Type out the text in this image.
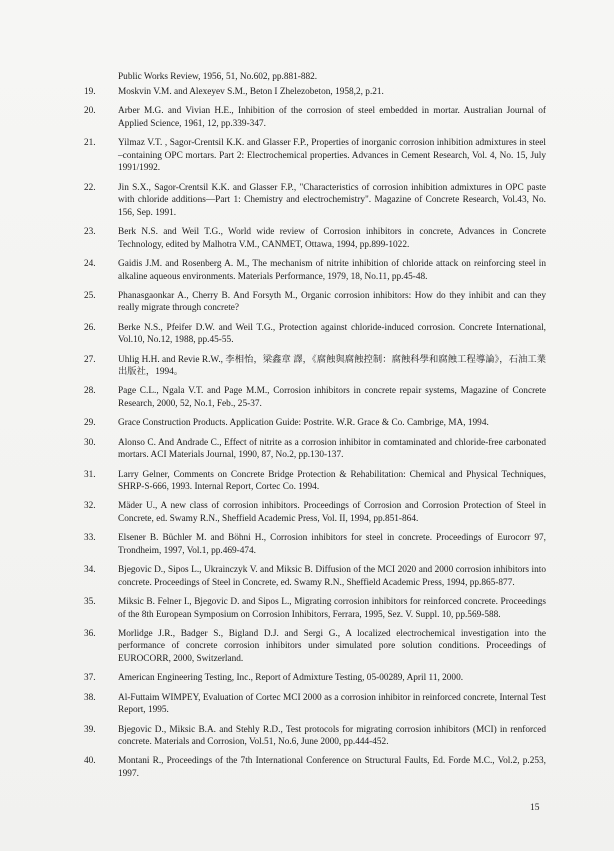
Public Works Review, 1956, 51, No.602, pp.881-882.
19.	Moskvin V.M. and Alexeyev S.M., Beton I Zhelezobeton, 1958,2, p.21.
20.	Arber M.G. and Vivian H.E., Inhibition of the corrosion of steel embedded in mortar. Australian Journal of Applied Science, 1961, 12, pp.339-347.
21.	Yilmaz V.T. , Sagor-Crentsil K.K. and Glasser F.P., Properties of inorganic corrosion inhibition admixtures in steel –containing OPC mortars. Part 2: Electrochemical properties. Advances in Cement Research, Vol. 4, No. 15, July 1991/1992.
22.	Jin S.X., Sagor-Crentsil K.K. and Glasser F.P., "Characteristics of corrosion inhibition admixtures in OPC paste with chloride additions—Part 1: Chemistry and electrochemistry". Magazine of Concrete Research, Vol.43, No. 156, Sep. 1991.
23.	Berk N.S. and Weil T.G., World wide review of Corrosion inhibitors in concrete, Advances in Concrete Technology, edited by Malhotra V.M., CANMET, Ottawa, 1994, pp.899-1022.
24.	Gaidis J.M. and Rosenberg A. M., The mechanism of nitrite inhibition of chloride attack on reinforcing steel in alkaline aqueous environments. Materials Performance, 1979, 18, No.11, pp.45-48.
25.	Phanasgaonkar A., Cherry B. And Forsyth M., Organic corrosion inhibitors: How do they inhibit and can they really migrate through concrete?
26.	Berke N.S., Pfeifer D.W. and Weil T.G., Protection against chloride-induced corrosion. Concrete International, Vol.10, No.12, 1988, pp.45-55.
27.	Uhlig H.H. and Revie R.W., 李相怡，梁鑫章 譯，《腐蝕與腐蝕控制：腐蝕科學和腐蝕工程導論》，石油工業出版社，1994。
28.	Page C.L., Ngala V.T. and Page M.M., Corrosion inhibitors in concrete repair systems, Magazine of Concrete Research, 2000, 52, No.1, Feb., 25-37.
29.	Grace Construction Products. Application Guide: Postrite. W.R. Grace & Co. Cambrige, MA, 1994.
30.	Alonso C. And Andrade C., Effect of nitrite as a corrosion inhibitor in comtaminated and chloride-free carbonated mortars. ACI Materials Journal, 1990, 87, No.2, pp.130-137.
31.	Larry Gelner, Comments on Concrete Bridge Protection & Rehabilitation: Chemical and Physical Techniques, SHRP-S-666, 1993. Internal Report, Cortec Co. 1994.
32.	Mäder U., A new class of corrosion inhibitors. Proceedings of Corrosion and Corrosion Protection of Steel in Concrete, ed. Swamy R.N., Sheffield Academic Press, Vol. II, 1994, pp.851-864.
33.	Elsener B. Büchler M. and Böhni H., Corrosion inhibitors for steel in concrete. Proceedings of Eurocorr 97, Trondheim, 1997, Vol.1, pp.469-474.
34.	Bjegovic D., Sipos L., Ukrainczyk V. and Miksic B. Diffusion of the MCI 2020 and 2000 corrosion inhibitors into concrete. Proceedings of Steel in Concrete, ed. Swamy R.N., Sheffield Academic Press, 1994, pp.865-877.
35.	Miksic B. Felner I., Bjegovic D. and Sipos L., Migrating corrosion inhibitors for reinforced concrete. Proceedings of the 8th European Symposium on Corrosion Inhibitors, Ferrara, 1995, Sez. V. Suppl. 10, pp.569-588.
36.	Morlidge J.R., Badger S., Bigland D.J. and Sergi G., A localized electrochemical investigation into the performance of concrete corrosion inhibitors under simulated pore solution conditions. Proceedings of EUROCORR, 2000, Switzerland.
37.	American Engineering Testing, Inc., Report of Admixture Testing, 05-00289, April 11, 2000.
38.	Al-Futtaim WIMPEY, Evaluation of Cortec MCI 2000 as a corrosion inhibitor in reinforced concrete, Internal Test Report, 1995.
39.	Bjegovic D., Miksic B.A. and Stehly R.D., Test protocols for migrating corrosion inhibitors (MCI) in renforced concrete. Materials and Corrosion, Vol.51, No.6, June 2000, pp.444-452.
40.	Montani R., Proceedings of the 7th International Conference on Structural Faults, Ed. Forde M.C., Vol.2, p.253, 1997.
15
